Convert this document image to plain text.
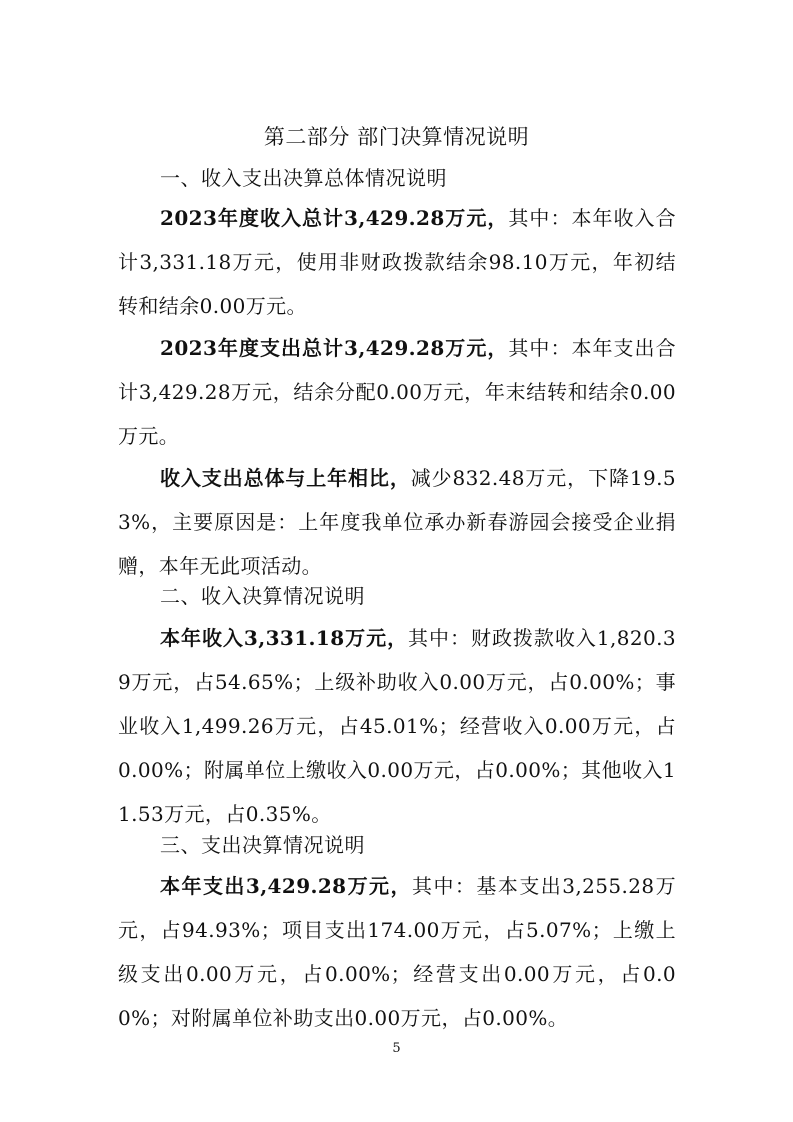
第二部分 部门决算情况说明
一、收入支出决算总体情况说明
2023年度收入总计3,429.28万元，其中：本年收入合计3,331.18万元，使用非财政拨款结余98.10万元，年初结转和结余0.00万元。
2023年度支出总计3,429.28万元，其中：本年支出合计3,429.28万元，结余分配0.00万元，年末结转和结余0.00万元。
收入支出总体与上年相比，减少832.48万元，下降19.53%，主要原因是：上年度我单位承办新春游园会接受企业捐赠，本年无此项活动。
二、收入决算情况说明
本年收入3,331.18万元，其中：财政拨款收入1,820.39万元，占54.65%；上级补助收入0.00万元，占0.00%；事业收入1,499.26万元，占45.01%；经营收入0.00万元，占0.00%；附属单位上缴收入0.00万元，占0.00%；其他收入11.53万元，占0.35%。
三、支出决算情况说明
本年支出3,429.28万元，其中：基本支出3,255.28万元，占94.93%；项目支出174.00万元，占5.07%；上缴上级支出0.00万元，占0.00%；经营支出0.00万元，占0.00%；对附属单位补助支出0.00万元，占0.00%。
5
